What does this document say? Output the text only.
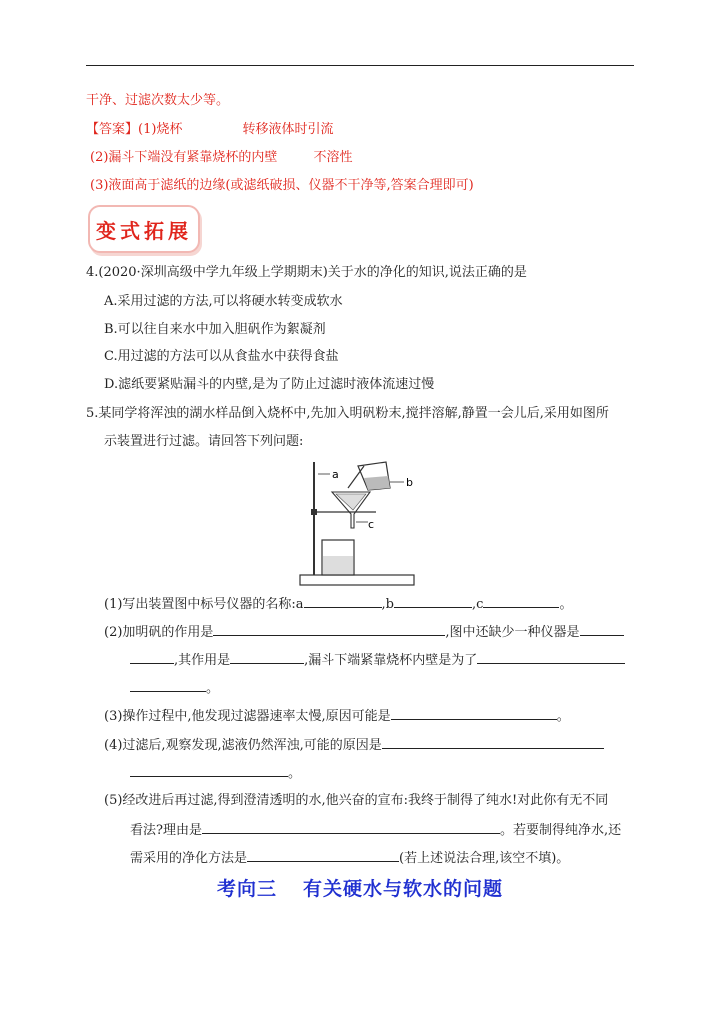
干净、过滤次数太少等。
【答案】(1)烧杯	转移液体时引流
(2)漏斗下端没有紧靠烧杯的内壁	不溶性
(3)液面高于滤纸的边缘(或滤纸破损、仪器不干净等,答案合理即可)
变式拓展
4.(2020·深圳高级中学九年级上学期期末)关于水的净化的知识,说法正确的是
A.采用过滤的方法,可以将硬水转变成软水
B.可以往自来水中加入胆矾作为絮凝剂
C.用过滤的方法可以从食盐水中获得食盐
D.滤纸要紧贴漏斗的内壁,是为了防止过滤时液体流速过慢
5.某同学将浑浊的湖水样品倒入烧杯中,先加入明矾粉末,搅拌溶解,静置一会儿后,采用如图所
示装置进行过滤。请回答下列问题:
a
b
c
(1)写出装置图中标号仪器的名称:a	,b	,c	。
(2)加明矾的作用是	,图中还缺少一种仪器是
,其作用是	,漏斗下端紧靠烧杯内壁是为了
。
(3)操作过程中,他发现过滤器速率太慢,原因可能是	。
(4)过滤后,观察发现,滤液仍然浑浊,可能的原因是
。
(5)经改进后再过滤,得到澄清透明的水,他兴奋的宣布:我终于制得了纯水!对此你有无不同
看法?理由是	。若要制得纯净水,还
需采用的净化方法是	(若上述说法合理,该空不填)。
考向三 有关硬水与软水的问题
